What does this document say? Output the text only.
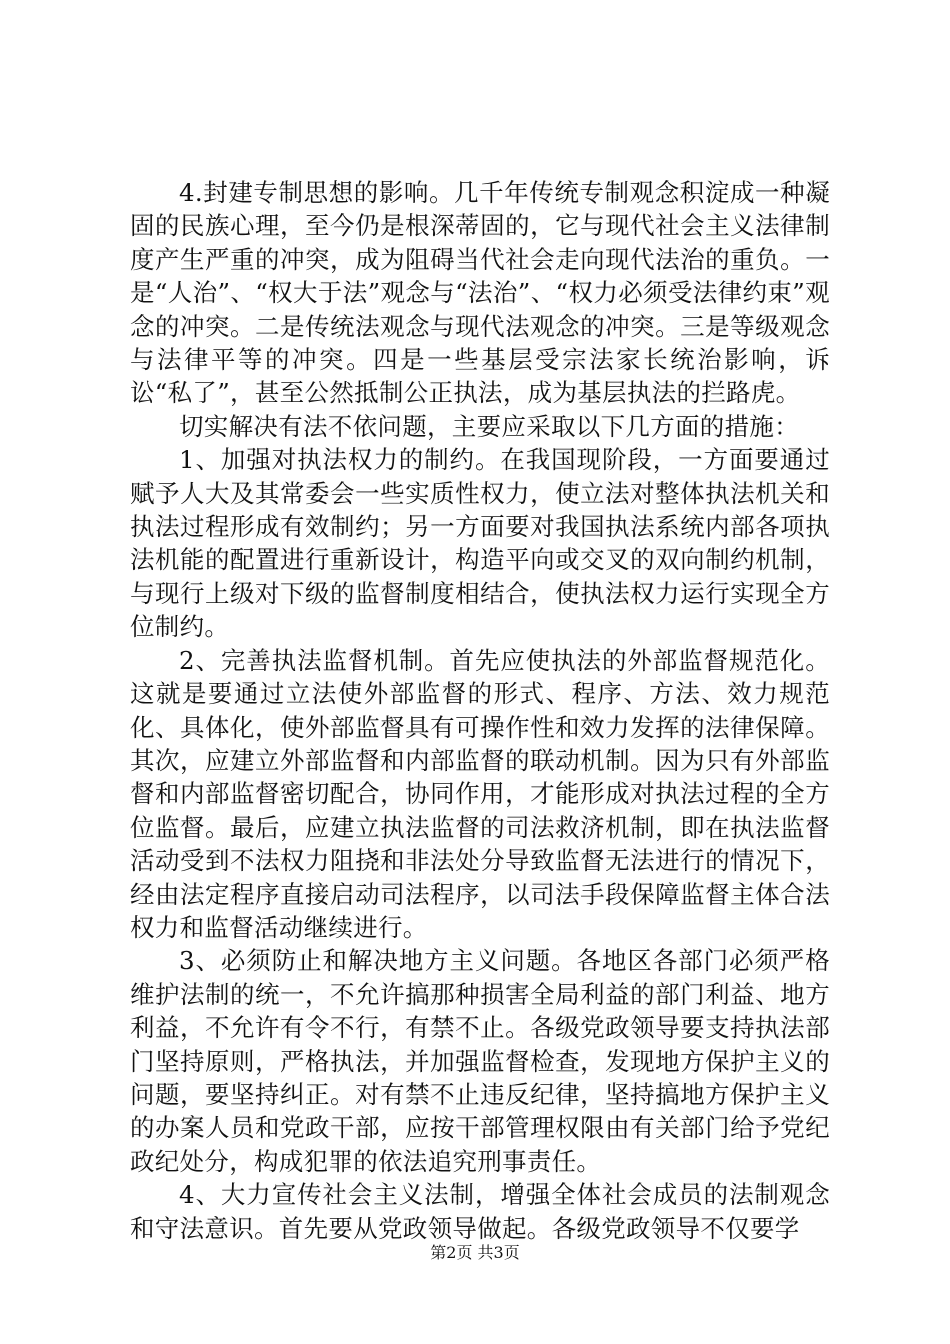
4.封建专制思想的影响。几千年传统专制观念积淀成一种凝固的民族心理，至今仍是根深蒂固的，它与现代社会主义法律制度产生严重的冲突，成为阻碍当代社会走向现代法治的重负。一是“人治”、“权大于法”观念与“法治”、“权力必须受法律约束”观念的冲突。二是传统法观念与现代法观念的冲突。三是等级观念与法律平等的冲突。四是一些基层受宗法家长统治影响，诉讼“私了”，甚至公然抵制公正执法，成为基层执法的拦路虎。

切实解决有法不依问题，主要应采取以下几方面的措施：

1、加强对执法权力的制约。在我国现阶段，一方面要通过赋予人大及其常委会一些实质性权力，使立法对整体执法机关和执法过程形成有效制约；另一方面要对我国执法系统内部各项执法机能的配置进行重新设计，构造平向或交叉的双向制约机制，与现行上级对下级的监督制度相结合，使执法权力运行实现全方位制约。

2、完善执法监督机制。首先应使执法的外部监督规范化。这就是要通过立法使外部监督的形式、程序、方法、效力规范化、具体化，使外部监督具有可操作性和效力发挥的法律保障。其次，应建立外部监督和内部监督的联动机制。因为只有外部监督和内部监督密切配合，协同作用，才能形成对执法过程的全方位监督。最后，应建立执法监督的司法救济机制，即在执法监督活动受到不法权力阻挠和非法处分导致监督无法进行的情况下，经由法定程序直接启动司法程序，以司法手段保障监督主体合法权力和监督活动继续进行。

3、必须防止和解决地方主义问题。各地区各部门必须严格维护法制的统一，不允许搞那种损害全局利益的部门利益、地方利益，不允许有令不行，有禁不止。各级党政领导要支持执法部门坚持原则，严格执法，并加强监督检查，发现地方保护主义的问题，要坚持纠正。对有禁不止违反纪律，坚持搞地方保护主义的办案人员和党政干部，应按干部管理权限由有关部门给予党纪政纪处分，构成犯罪的依法追究刑事责任。

4、大力宣传社会主义法制，增强全体社会成员的法制观念和守法意识。首先要从党政领导做起。各级党政领导不仅要学

第2页 共3页
